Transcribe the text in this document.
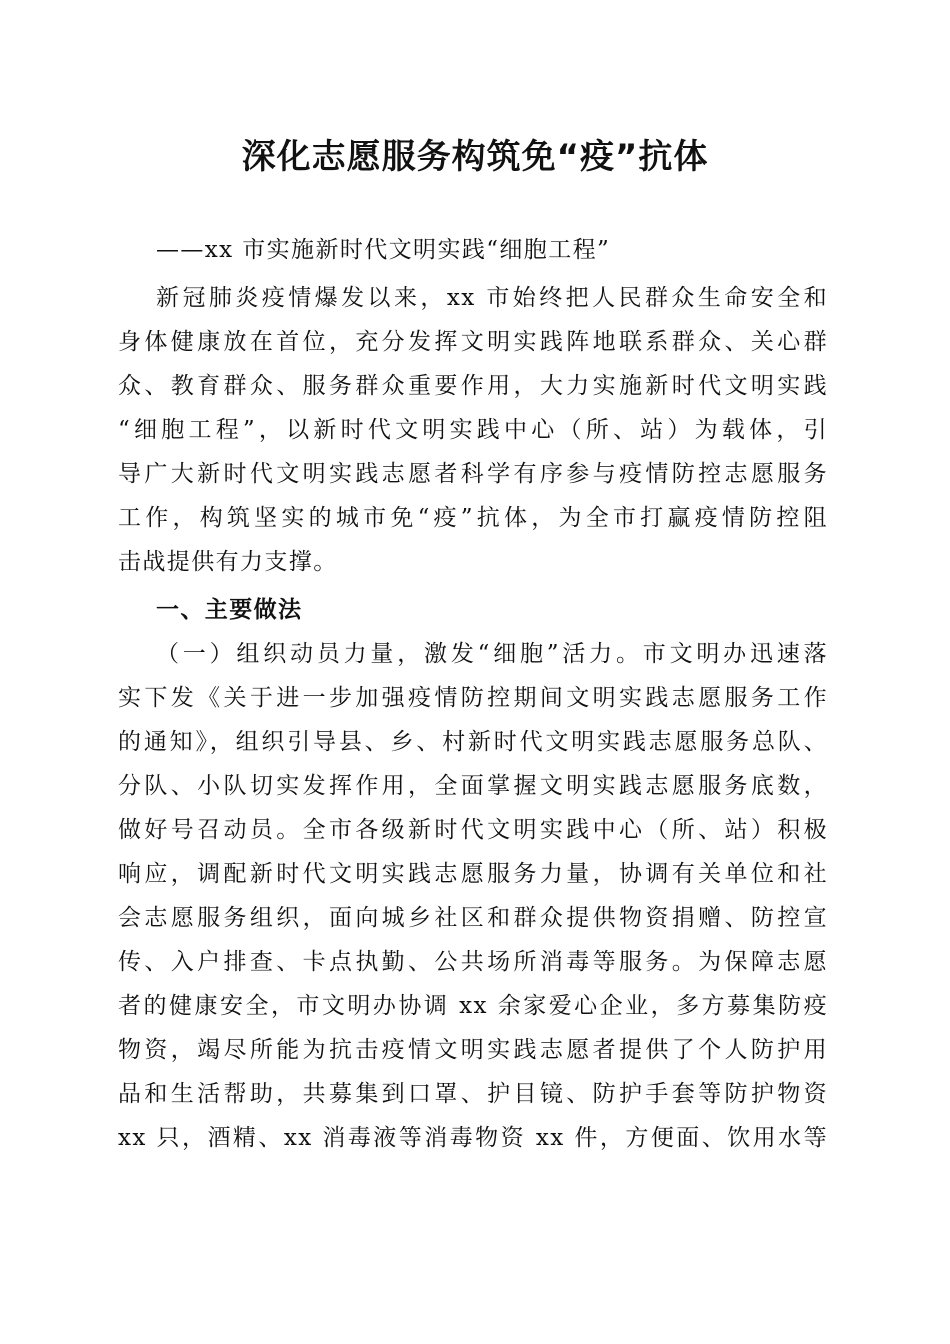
深化志愿服务构筑免“疫”抗体
——xx 市实施新时代文明实践“细胞工程”
新冠肺炎疫情爆发以来，xx 市始终把人民群众生命安全和
身体健康放在首位，充分发挥文明实践阵地联系群众、关心群
众、教育群众、服务群众重要作用，大力实施新时代文明实践
“细胞工程”，以新时代文明实践中心（所、站）为载体，引
导广大新时代文明实践志愿者科学有序参与疫情防控志愿服务
工作，构筑坚实的城市免“疫”抗体，为全市打赢疫情防控阻
击战提供有力支撑。
一、主要做法
（一）组织动员力量，激发“细胞”活力。市文明办迅速落
实下发《关于进一步加强疫情防控期间文明实践志愿服务工作
的通知》，组织引导县、乡、村新时代文明实践志愿服务总队、
分队、小队切实发挥作用，全面掌握文明实践志愿服务底数，
做好号召动员。全市各级新时代文明实践中心（所、站）积极
响应，调配新时代文明实践志愿服务力量，协调有关单位和社
会志愿服务组织，面向城乡社区和群众提供物资捐赠、防控宣
传、入户排查、卡点执勤、公共场所消毒等服务。为保障志愿
者的健康安全，市文明办协调 xx 余家爱心企业，多方募集防疫
物资，竭尽所能为抗击疫情文明实践志愿者提供了个人防护用
品和生活帮助，共募集到口罩、护目镜、防护手套等防护物资
xx 只，酒精、xx 消毒液等消毒物资 xx 件，方便面、饮用水等
